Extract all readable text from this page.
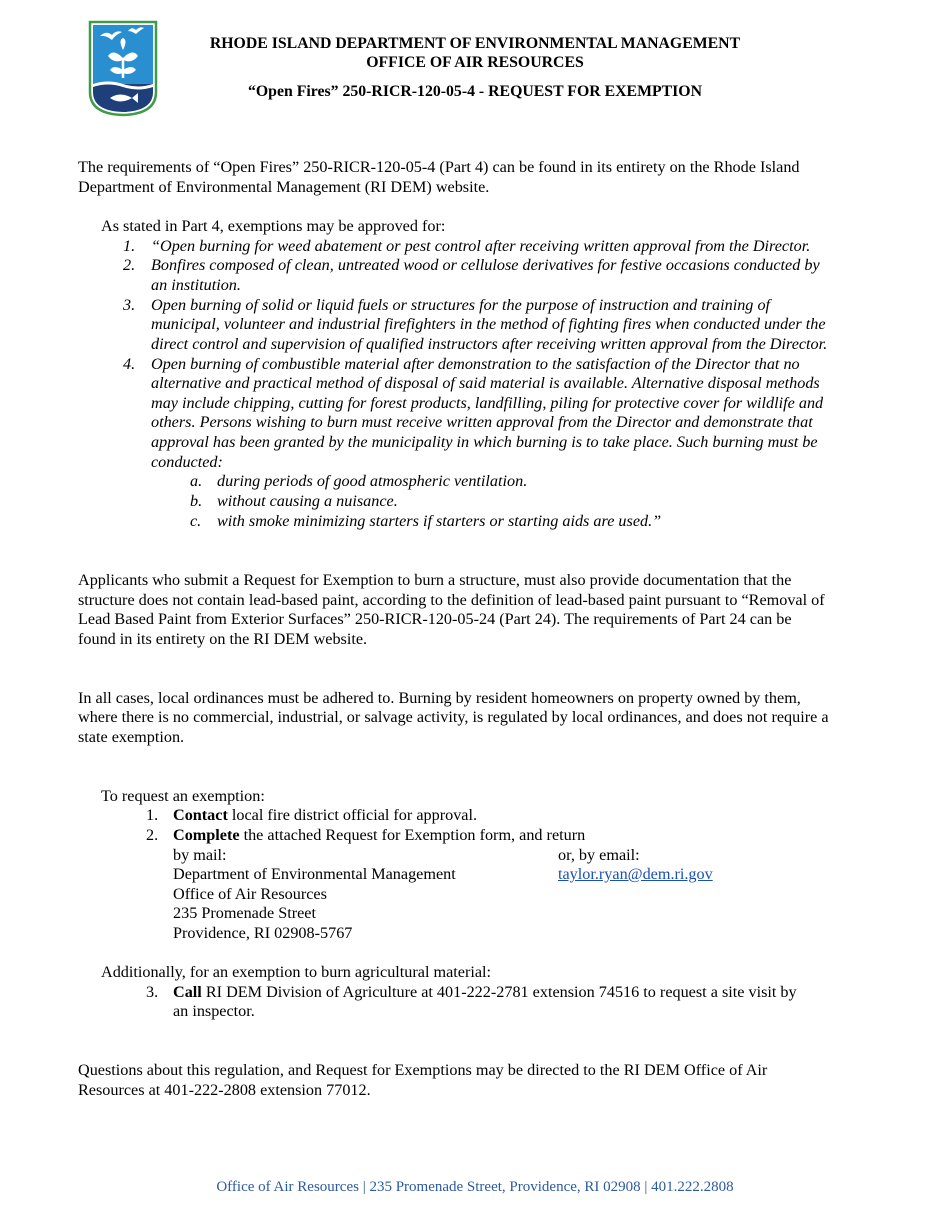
RHODE ISLAND DEPARTMENT OF ENVIRONMENTAL MANAGEMENT
OFFICE OF AIR RESOURCES
“Open Fires” 250-RICR-120-05-4 - REQUEST FOR EXEMPTION
The requirements of “Open Fires” 250-RICR-120-05-4 (Part 4) can be found in its entirety on the Rhode Island
Department of Environmental Management (RI DEM) website.
As stated in Part 4, exemptions may be approved for:
1. “Open burning for weed abatement or pest control after receiving written approval from the Director.
2. Bonfires composed of clean, untreated wood or cellulose derivatives for festive occasions conducted by
an institution.
3. Open burning of solid or liquid fuels or structures for the purpose of instruction and training of
municipal, volunteer and industrial firefighters in the method of fighting fires when conducted under the
direct control and supervision of qualified instructors after receiving written approval from the Director.
4. Open burning of combustible material after demonstration to the satisfaction of the Director that no
alternative and practical method of disposal of said material is available. Alternative disposal methods
may include chipping, cutting for forest products, landfilling, piling for protective cover for wildlife and
others. Persons wishing to burn must receive written approval from the Director and demonstrate that
approval has been granted by the municipality in which burning is to take place. Such burning must be
conducted:
a. during periods of good atmospheric ventilation.
b. without causing a nuisance.
c. with smoke minimizing starters if starters or starting aids are used.”
Applicants who submit a Request for Exemption to burn a structure, must also provide documentation that the
structure does not contain lead-based paint, according to the definition of lead-based paint pursuant to “Removal of
Lead Based Paint from Exterior Surfaces” 250-RICR-120-05-24 (Part 24). The requirements of Part 24 can be
found in its entirety on the RI DEM website.
In all cases, local ordinances must be adhered to. Burning by resident homeowners on property owned by them,
where there is no commercial, industrial, or salvage activity, is regulated by local ordinances, and does not require a
state exemption.
To request an exemption:
1. Contact local fire district official for approval.
2. Complete the attached Request for Exemption form, and return
by mail:
Department of Environmental Management
Office of Air Resources
235 Promenade Street
Providence, RI 02908-5767
or, by email:
taylor.ryan@dem.ri.gov
Additionally, for an exemption to burn agricultural material:
3. Call RI DEM Division of Agriculture at 401-222-2781 extension 74516 to request a site visit by
an inspector.
Questions about this regulation, and Request for Exemptions may be directed to the RI DEM Office of Air
Resources at 401-222-2808 extension 77012.
Office of Air Resources | 235 Promenade Street, Providence, RI 02908 | 401.222.2808
